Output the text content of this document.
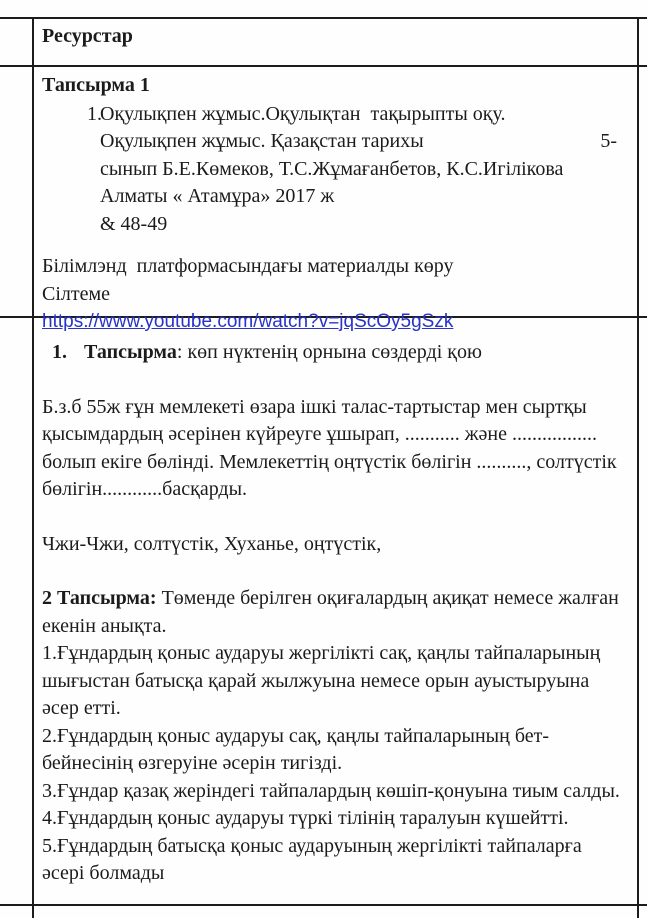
Ресурстар
Тапсырма 1
1.
Оқулықпен жұмыс.Оқулықтан  тақырыпты оқу.
Оқулықпен жұмыс. Қазақстан тарихы	5-
сынып Б.Е.Көмеков, Т.С.Жұмағанбетов, К.С.Игілікова
Алматы « Атамұра» 2017 ж
& 48-49
Білімлэнд  платформасындағы материалды көру
Сілтеме
https://www.youtube.com/watch?v=jqScOy5gSzk
1. Тапсырма: көп нүктенің орнына сөздерді қою
Б.з.б 55ж ғұн мемлекеті өзара ішкі талас-тартыстар мен сыртқы қысымдардың әсерінен күйреуге ұшырап, ........... және ................. болып екіге бөлінді. Мемлекеттің оңтүстік бөлігін .........., солтүстік бөлігін............басқарды.
Чжи-Чжи, солтүстік, Хуханье, оңтүстік,
2 Тапсырма: Төменде берілген оқиғалардың ақиқат немесе жалған екенін анықта.
1.Ғұндардың қоныс аударуы жергілікті сақ, қаңлы тайпаларының шығыстан батысқа қарай жылжуына немесе орын ауыстыруына әсер етті.
2.Ғұндардың қоныс аударуы сақ, қаңлы тайпаларының бет-бейнесінің өзгеруіне әсерін тигізді.
3.Ғұндар қазақ жеріндегі тайпалардың көшіп-қонуына тиым салды.
4.Ғұндардың қоныс аударуы түркі тілінің таралуын күшейтті.
5.Ғұндардың батысқа қоныс аударуының жергілікті тайпаларға әсері болмады
